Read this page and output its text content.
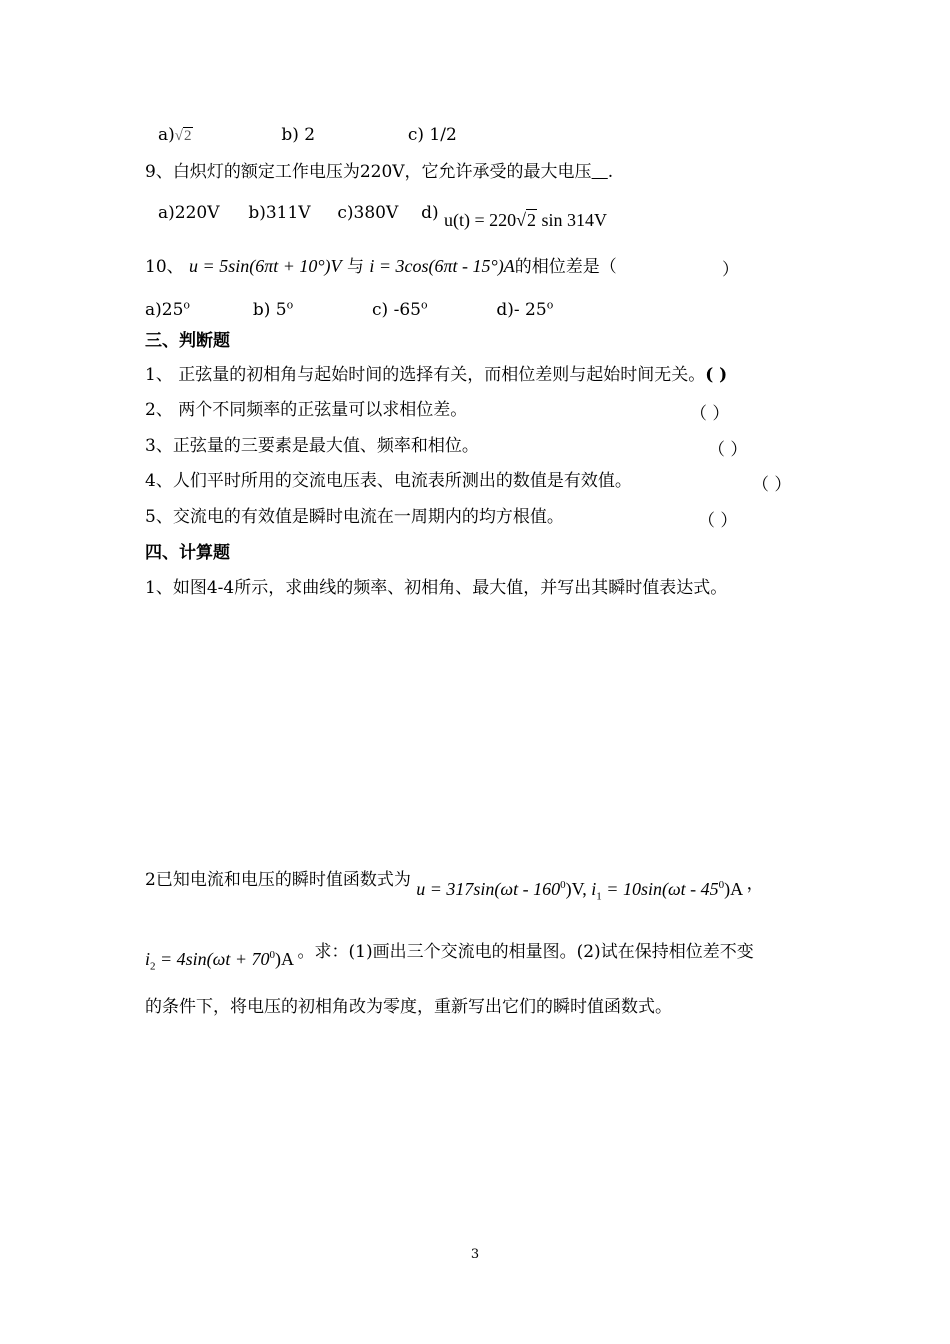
a)√2	b) 2	c) 1/2
9、白炽灯的额定工作电压为220V，它允许承受的最大电压 .
a)220V b)311V c)380V d) u(t) = 220√2 sin 314V
10、 u = 5sin(6πt + 10°)V 与 i = 3cos(6πt - 15°)A的相位差是（	）
a)25$^o$	b) 5$^o$	c) -65$^o$	d)- 25$^o$
三、判断题
1、 正弦量的初相角与起始时间的选择有关，而相位差则与起始时间无关。( )
2、 两个不同频率的正弦量可以求相位差。	（ ）
3、正弦量的三要素是最大值、频率和相位。	（ ）
4、人们平时所用的交流电压表、电流表所测出的数值是有效值。	（ ）
5、交流电的有效值是瞬时电流在一周期内的均方根值。	（ ）
四、计算题
1、如图4-4所示，求曲线的频率、初相角、最大值，并写出其瞬时值表达式。
2已知电流和电压的瞬时值函数式为 $u = 317\sin(\omega t - 160^0)V$, $i_1 = 10\sin(\omega t - 45^0)A$ ，
$i_2 = 4\sin(\omega t + 70^0)A$ 。求：(1)画出三个交流电的相量图。(2)试在保持相位差不变
的条件下，将电压的初相角改为零度，重新写出它们的瞬时值函数式。
3
